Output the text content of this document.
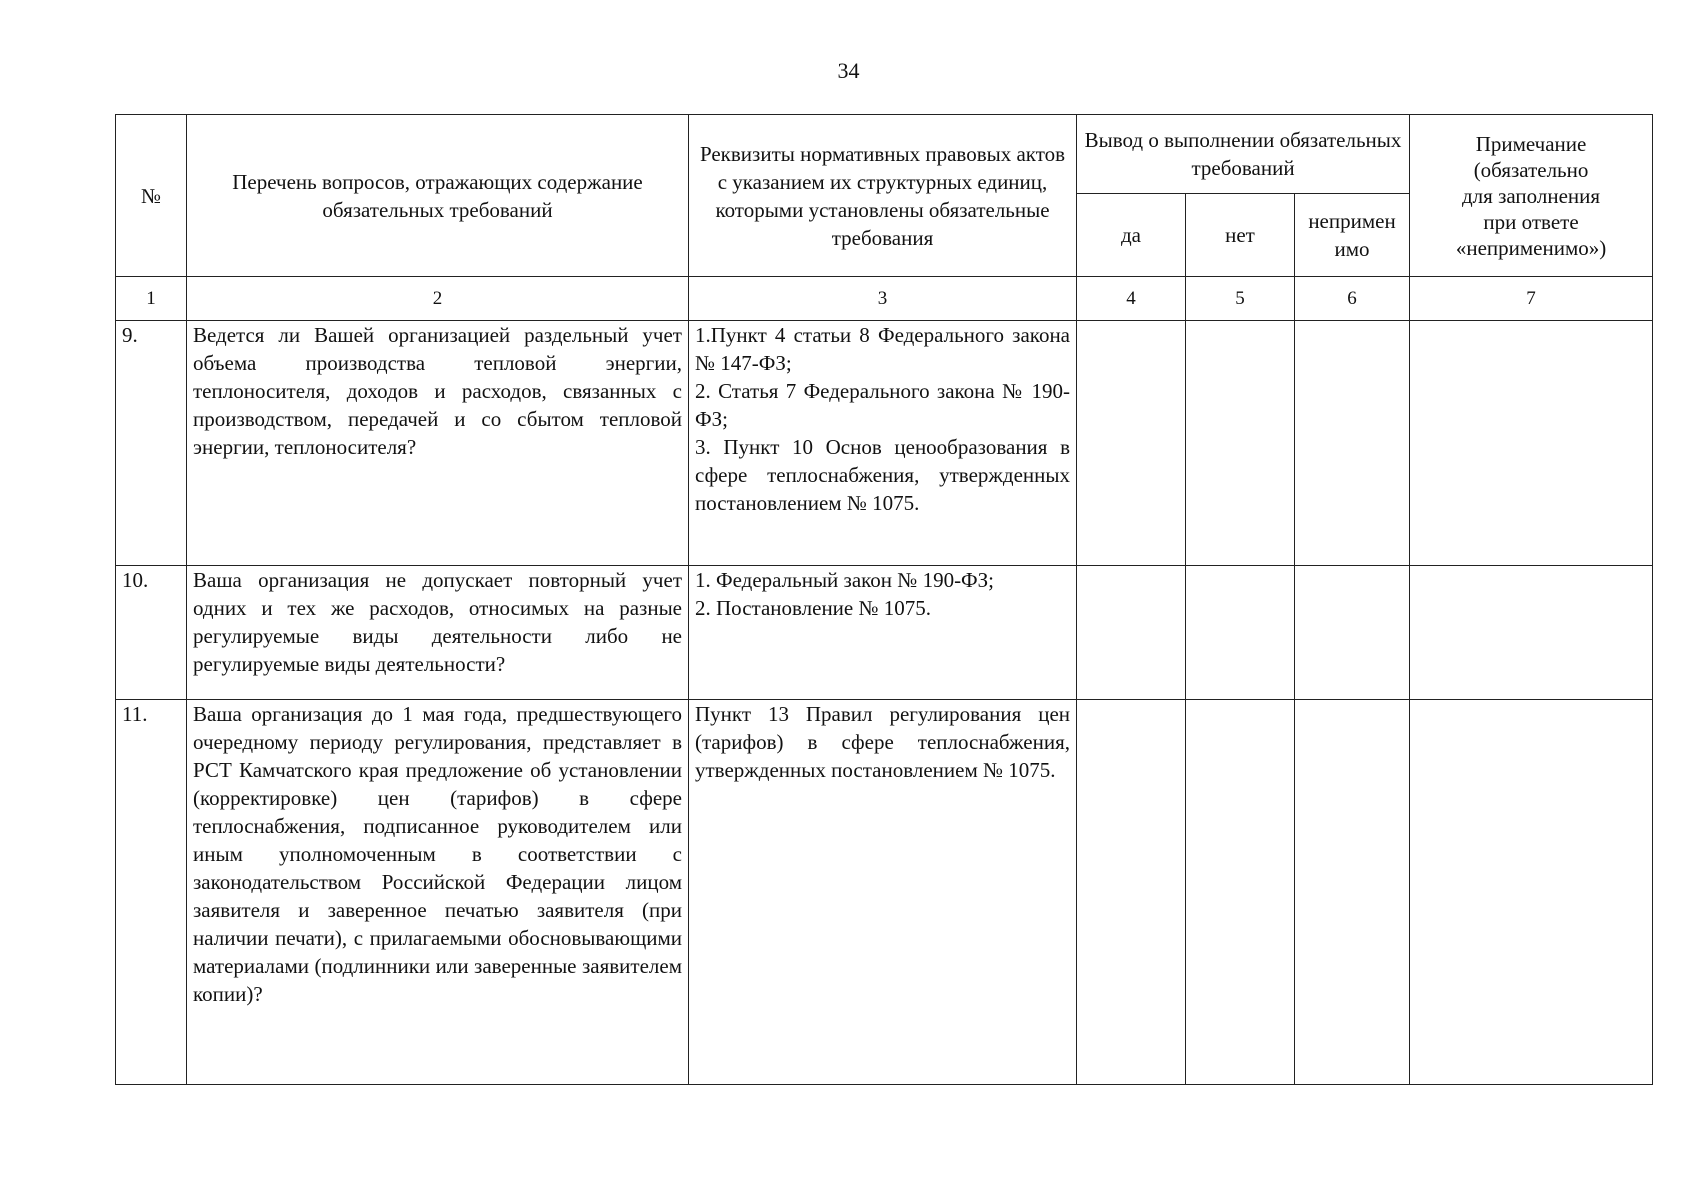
34
№	Перечень вопросов, отражающих содержание обязательных требований	Реквизиты нормативных правовых актов с указанием их структурных единиц, которыми установлены обязательные требования	Вывод о выполнении обязательных требований			Примечание
(обязательно
для заполнения
при ответе
«неприменимо»)
			да	нет	непримен
имо	
1	2	3	4	5	6	7
9.	Ведется ли Вашей организацией раздельный учет объема производства тепловой энергии, теплоносителя, доходов и расходов, связанных с производством, передачей и со сбытом тепловой энергии, теплоносителя?	1.Пункт 4 статьи 8 Федерального закона № 147-ФЗ;
2. Статья 7 Федерального закона № 190-ФЗ;
3. Пункт 10 Основ ценообразования в сфере теплоснабжения, утвержденных постановлением № 1075.				

10.	Ваша организация не допускает повторный учет одних и тех же расходов, относимых на разные регулируемые виды деятельности либо не регулируемые виды деятельности?	1. Федеральный закон № 190-ФЗ;
2. Постановление № 1075.				

11.	Ваша организация до 1 мая года, предшествующего очередному периоду регулирования, представляет в РСТ Камчатского края предложение об установлении (корректировке) цен (тарифов) в сфере теплоснабжения, подписанное руководителем или иным уполномоченным в соответствии с законодательством Российской Федерации лицом заявителя и заверенное печатью заявителя (при наличии печати), с прилагаемыми обосновывающими материалами (подлинники или заверенные заявителем копии)?	Пункт 13 Правил регулирования цен (тарифов) в сфере теплоснабжения, утвержденных постановлением № 1075.				
